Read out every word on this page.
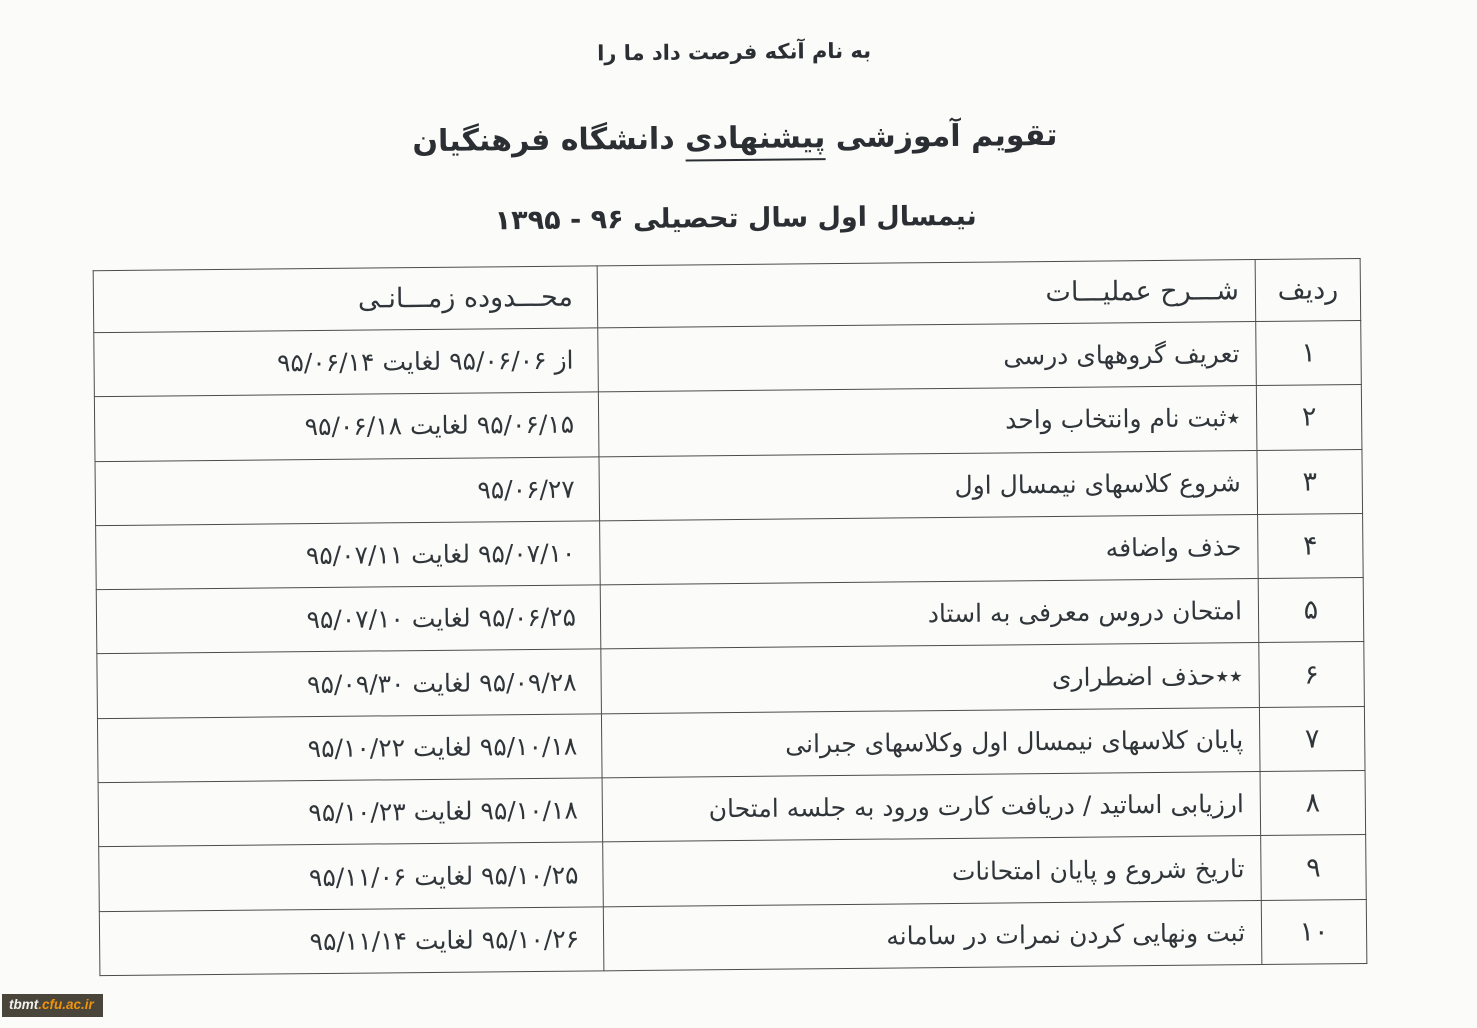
به نام آنکه فرصت داد ما را
تقویم آموزشی پیشنهادی دانشگاه فرهنگیان
نیمسال اول سال تحصیلی ۹۶ - ۱۳۹۵
ردیف	شـــرح عملیـــات	محـــدوده زمـــانـی
۱	تعریف گروههای درسی	از ۹۵/۰۶/۰۶ لغایت ۹۵/۰۶/۱۴
۲	٭ثبت نام وانتخاب واحد	۹۵/۰۶/۱۵ لغایت ۹۵/۰۶/۱۸
۳	شروع کلاسهای نیمسال اول	۹۵/۰۶/۲۷
۴	حذف واضافه	۹۵/۰۷/۱۰ لغایت ۹۵/۰۷/۱۱
۵	امتحان دروس معرفی به استاد	۹۵/۰۶/۲۵ لغایت ۹۵/۰۷/۱۰
۶	٭٭حذف اضطراری	۹۵/۰۹/۲۸ لغایت ۹۵/۰۹/۳۰
۷	پایان کلاسهای نیمسال اول وکلاسهای جبرانی	۹۵/۱۰/۱۸ لغایت ۹۵/۱۰/۲۲
۸	ارزیابی اساتید / دریافت کارت ورود به جلسه امتحان	۹۵/۱۰/۱۸ لغایت ۹۵/۱۰/۲۳
۹	تاریخ شروع و پایان امتحانات	۹۵/۱۰/۲۵ لغایت ۹۵/۱۱/۰۶
۱۰	ثبت ونهایی کردن نمرات در سامانه	۹۵/۱۰/۲۶ لغایت ۹۵/۱۱/۱۴
tbmt.cfu.ac.ir
